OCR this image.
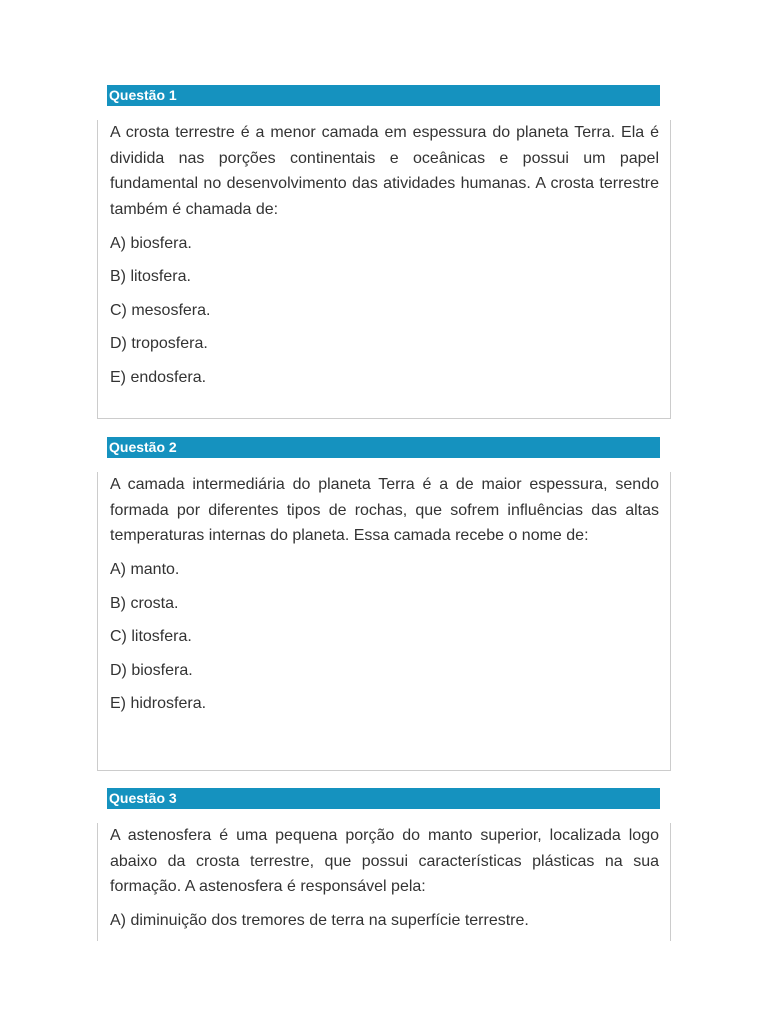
Questão 1

A crosta terrestre é a menor camada em espessura do planeta Terra. Ela é dividida nas porções continentais e oceânicas e possui um papel fundamental no desenvolvimento das atividades humanas. A crosta terrestre também é chamada de:

A) biosfera.
B) litosfera.
C) mesosfera.
D) troposfera.
E) endosfera.
Questão 2

A camada intermediária do planeta Terra é a de maior espessura, sendo formada por diferentes tipos de rochas, que sofrem influências das altas temperaturas internas do planeta. Essa camada recebe o nome de:

A) manto.
B) crosta.
C) litosfera.
D) biosfera.
E) hidrosfera.
Questão 3

A astenosfera é uma pequena porção do manto superior, localizada logo abaixo da crosta terrestre, que possui características plásticas na sua formação. A astenosfera é responsável pela:

A) diminuição dos tremores de terra na superfície terrestre.
